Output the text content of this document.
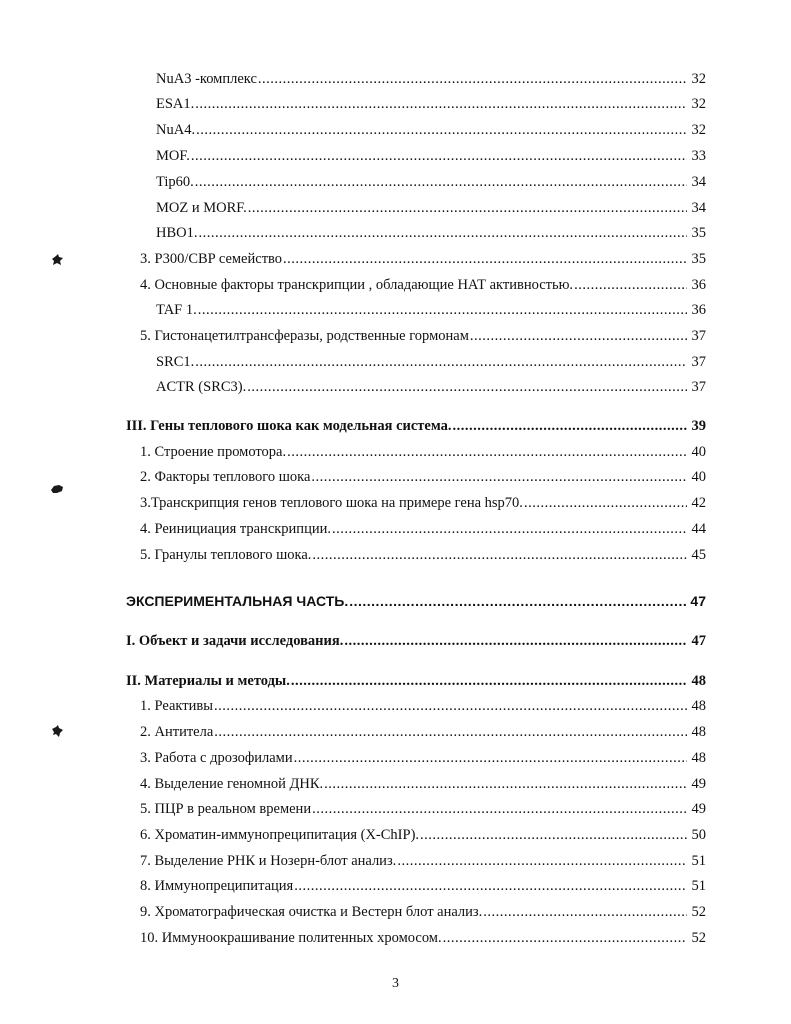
NuA3 -комплекс .....	32
ESA1. .....	32
NuA4. .....	32
MOF. .....	33
Tip60. .....	34
MOZ и MORF. .....	34
HBO1. .....	35
3. P300/CBP семейство .....	35
4. Основные факторы транскрипции , обладающие НАТ активностью. .....	36
TAF 1. .....	36
5. Гистонацетилтрансферазы, родственные гормонам .....	37
SRC1. .....	37
ACTR (SRC3). .....	37
III. Гены теплового шока как модельная система. .....	39
1. Строение промотора. .....	40
2. Факторы теплового шока .....	40
3.Транскрипция генов теплового шока на примере гена hsp70. .....	42
4. Реинициация транскрипции. .....	44
5. Гранулы теплового шока. .....	45
ЭКСПЕРИМЕНТАЛЬНАЯ ЧАСТЬ. .....	47
I. Объект и задачи исследования. .....	47
II. Материалы и методы. .....	48
1. Реактивы .....	48
2. Антитела .....	48
3. Работа с дрозофилами .....	48
4. Выделение геномной ДНК. .....	49
5. ПЦР в реальном времени .....	49
6. Хроматин-иммунопреципитация (X-ChIP). .....	50
7. Выделение РНК и Нозерн-блот анализ. .....	51
8. Иммунопреципитация .....	51
9. Хроматографическая очистка и Вестерн блот анализ. .....	52
10. Иммуноокрашивание политенных хромосом. .....	52
3
